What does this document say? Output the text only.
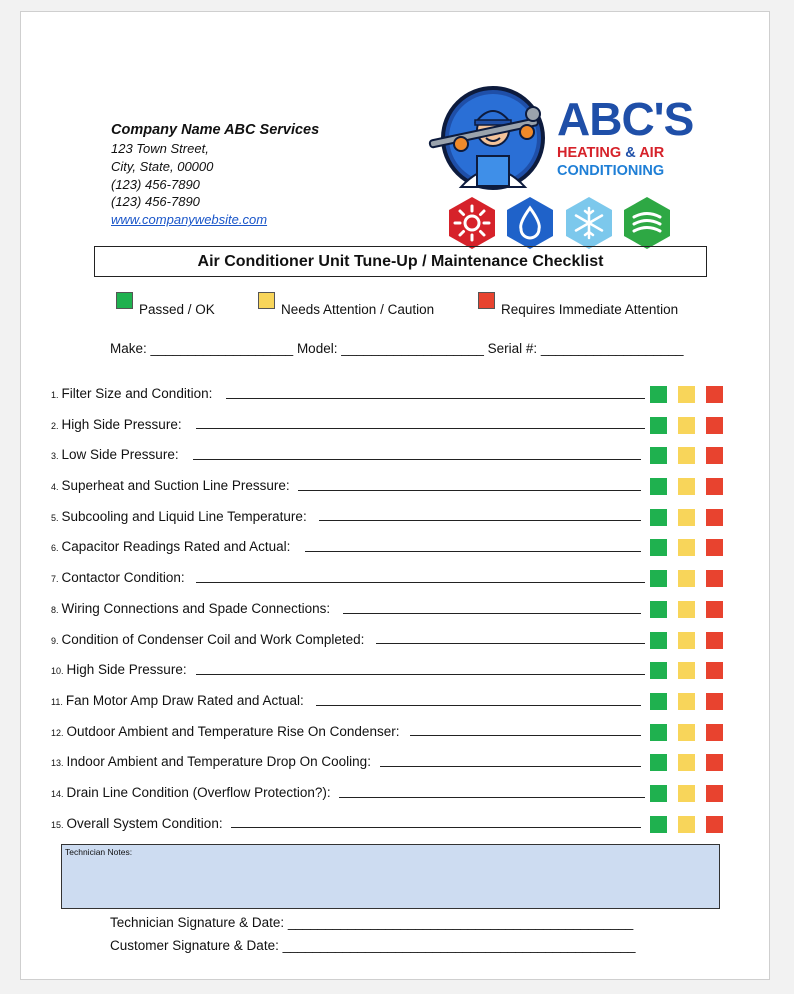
Company Name ABC Services
123 Town Street,
City, State, 00000
(123) 456-7890
(123) 456-7890
www.companywebsite.com
ABC'S
HEATING & AIR
CONDITIONING

Air Conditioner Unit Tune-Up / Maintenance Checklist
Passed / OK	Needs Attention / Caution	Requires Immediate Attention
Make: ___________________ Model: ___________________ Serial #: ___________________
1. Filter Size and Condition:
2. High Side Pressure:
3. Low Side Pressure:
4. Superheat and Suction Line Pressure:
5. Subcooling and Liquid Line Temperature:
6. Capacitor Readings Rated and Actual:
7. Contactor Condition:
8. Wiring Connections and Spade Connections:
9. Condition of Condenser Coil and Work Completed:
10. High Side Pressure:
11. Fan Motor Amp Draw Rated and Actual:
12. Outdoor Ambient and Temperature Rise On Condenser:
13. Indoor Ambient and Temperature Drop On Cooling:
14. Drain Line Condition (Overflow Protection?):
15. Overall System Condition:
Technician Notes:
Technician Signature & Date: ______________________________________________
Customer Signature & Date: _______________________________________________
